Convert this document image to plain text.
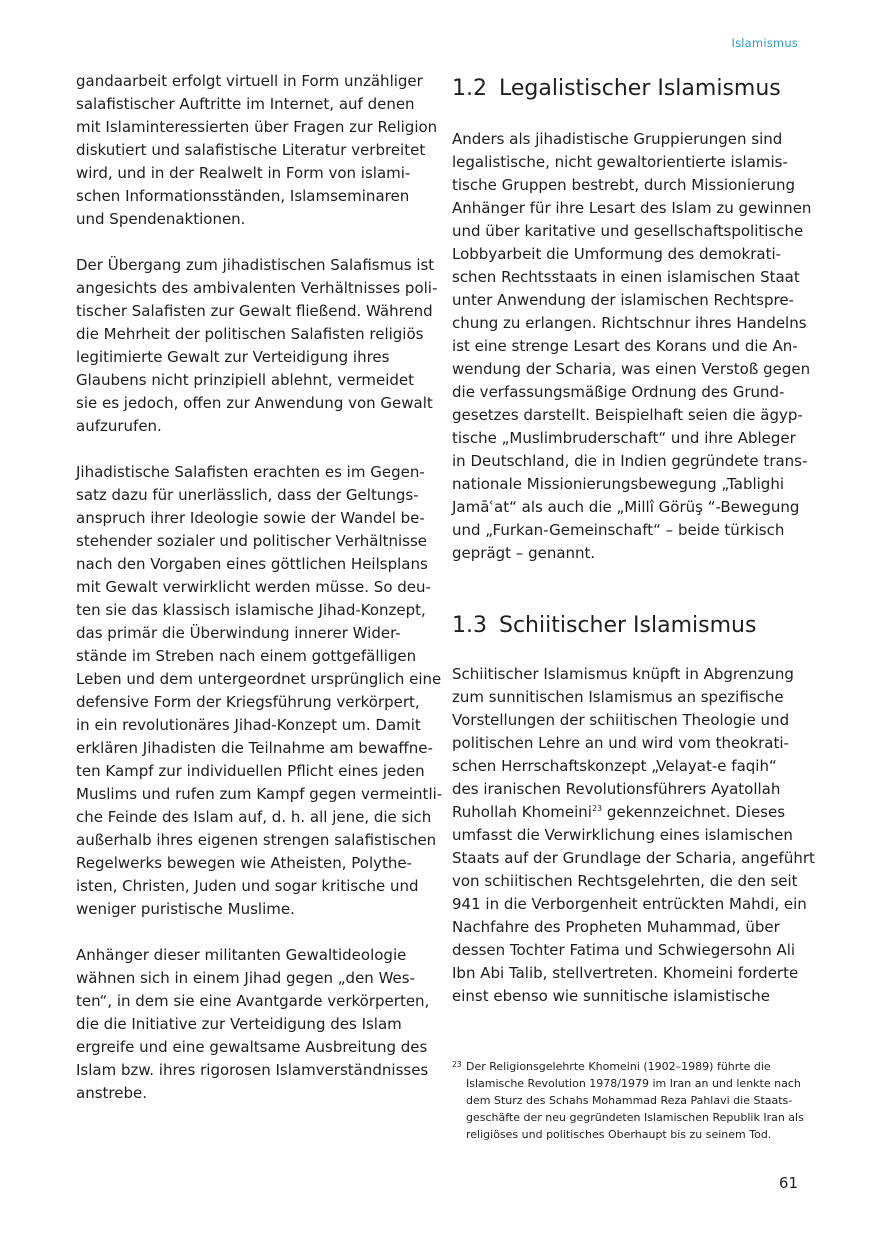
Islamismus

gandaarbeit erfolgt virtuell in Form unzähliger
salafistischer Auftritte im Internet, auf denen
mit Islaminteressierten über Fragen zur Religion
diskutiert und salafistische Literatur verbreitet
wird, und in der Realwelt in Form von islami-
schen Informationsständen, Islamseminaren
und Spendenaktionen.

Der Übergang zum jihadistischen Salafismus ist
angesichts des ambivalenten Verhältnisses poli-
tischer Salafisten zur Gewalt fließend. Während
die Mehrheit der politischen Salafisten religiös
legitimierte Gewalt zur Verteidigung ihres
Glaubens nicht prinzipiell ablehnt, vermeidet
sie es jedoch, offen zur Anwendung von Gewalt
aufzurufen.

Jihadistische Salafisten erachten es im Gegen-
satz dazu für unerlässlich, dass der Geltungs-
anspruch ihrer Ideologie sowie der Wandel be-
stehender sozialer und politischer Verhältnisse
nach den Vorgaben eines göttlichen Heilsplans
mit Gewalt verwirklicht werden müsse. So deu-
ten sie das klassisch islamische Jihad-Konzept,
das primär die Überwindung innerer Wider-
stände im Streben nach einem gottgefälligen
Leben und dem untergeordnet ursprünglich eine
defensive Form der Kriegsführung verkörpert,
in ein revolutionäres Jihad-Konzept um. Damit
erklären Jihadisten die Teilnahme am bewaffne-
ten Kampf zur individuellen Pflicht eines jeden
Muslims und rufen zum Kampf gegen vermeintli-
che Feinde des Islam auf, d. h. all jene, die sich
außerhalb ihres eigenen strengen salafistischen
Regelwerks bewegen wie Atheisten, Polythe-
isten, Christen, Juden und sogar kritische und
weniger puristische Muslime.

Anhänger dieser militanten Gewaltideologie
wähnen sich in einem Jihad gegen „den Wes-
ten“, in dem sie eine Avantgarde verkörperten,
die die Initiative zur Verteidigung des Islam
ergreife und eine gewaltsame Ausbreitung des
Islam bzw. ihres rigorosen Islamverständnisses
anstrebe.

1.2 Legalistischer Islamismus

Anders als jihadistische Gruppierungen sind
legalistische, nicht gewaltorientierte islamis-
tische Gruppen bestrebt, durch Missionierung
Anhänger für ihre Lesart des Islam zu gewinnen
und über karitative und gesellschaftspolitische
Lobbyarbeit die Umformung des demokrati-
schen Rechtsstaats in einen islamischen Staat
unter Anwendung der islamischen Rechtspre-
chung zu erlangen. Richtschnur ihres Handelns
ist eine strenge Lesart des Korans und die An-
wendung der Scharia, was einen Verstoß gegen
die verfassungsmäßige Ordnung des Grund-
gesetzes darstellt. Beispielhaft seien die ägyp-
tische „Muslimbruderschaft“ und ihre Ableger
in Deutschland, die in Indien gegründete trans-
nationale Missionierungsbewegung „Tablighi
Jamāʿat“ als auch die „Millî Görüş “-Bewegung
und „Furkan-Gemeinschaft“ – beide türkisch
geprägt – genannt.

1.3 Schiitischer Islamismus

Schiitischer Islamismus knüpft in Abgrenzung
zum sunnitischen Islamismus an spezifische
Vorstellungen der schiitischen Theologie und
politischen Lehre an und wird vom theokrati-
schen Herrschaftskonzept „Velayat-e faqih“
des iranischen Revolutionsführers Ayatollah
Ruhollah Khomeini$^{23}$ gekennzeichnet. Dieses
umfasst die Verwirklichung eines islamischen
Staats auf der Grundlage der Scharia, angeführt
von schiitischen Rechtsgelehrten, die den seit
941 in die Verborgenheit entrückten Mahdi, ein
Nachfahre des Propheten Muhammad, über
dessen Tochter Fatima und Schwiegersohn Ali
Ibn Abi Talib, stellvertreten. Khomeini forderte
einst ebenso wie sunnitische islamistische

23 Der Religionsgelehrte Khomeini (1902–1989) führte die
Islamische Revolution 1978/1979 im Iran an und lenkte nach
dem Sturz des Schahs Mohammad Reza Pahlavi die Staats-
geschäfte der neu gegründeten Islamischen Republik Iran als
religiöses und politisches Oberhaupt bis zu seinem Tod.
61
